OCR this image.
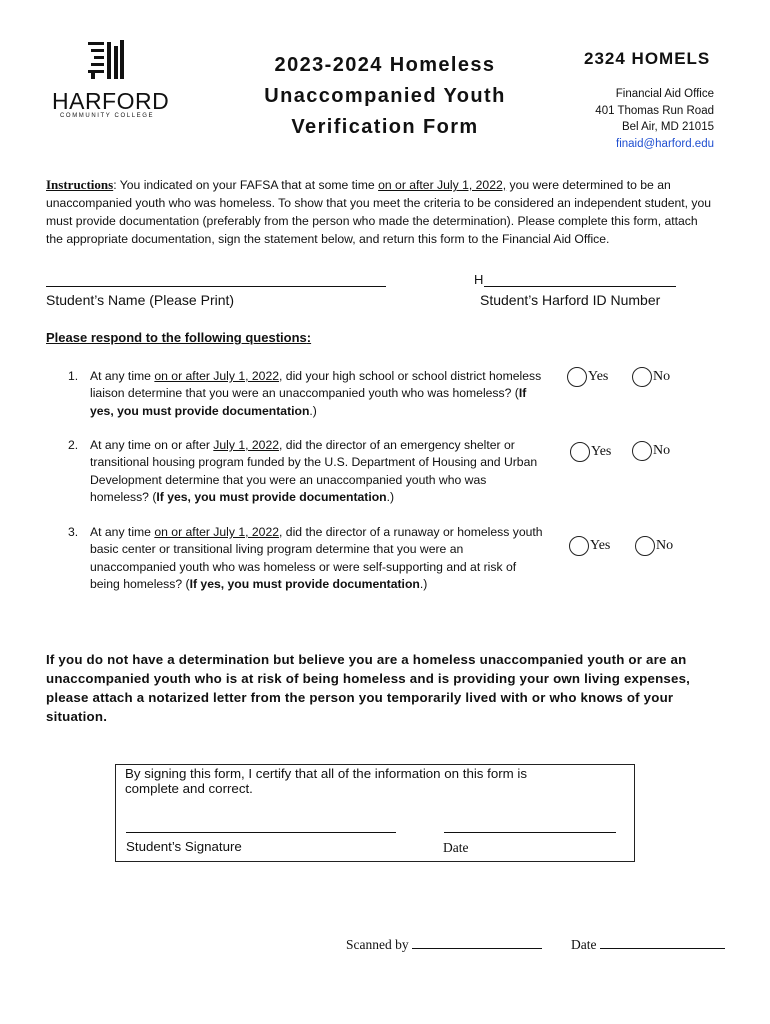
HARFORD
COMMUNITY COLLEGE
2023-2024 Homeless
Unaccompanied Youth
Verification Form
2324 HOMELS
Financial Aid Office
401 Thomas Run Road
Bel Air, MD 21015
finaid@harford.edu
Instructions: You indicated on your FAFSA that at some time on or after July 1, 2022, you were determined to be an unaccompanied youth who was homeless. To show that you meet the criteria to be considered an independent student, you must provide documentation (preferably from the person who made the determination). Please complete this form, attach the appropriate documentation, sign the statement below, and return this form to the Financial Aid Office.
Student’s Name (Please Print)
H
Student’s Harford ID Number
Please respond to the following questions:
1. At any time on or after July 1, 2022, did your high school or school district homeless liaison determine that you were an unaccompanied youth who was homeless? (If yes, you must provide documentation.)
Yes	No
2. At any time on or after July 1, 2022, did the director of an emergency shelter or transitional housing program funded by the U.S. Department of Housing and Urban Development determine that you were an unaccompanied youth who was homeless? (If yes, you must provide documentation.)
Yes	No
3. At any time on or after July 1, 2022, did the director of a runaway or homeless youth basic center or transitional living program determine that you were an unaccompanied youth who was homeless or were self-supporting and at risk of being homeless? (If yes, you must provide documentation.)
Yes	No
If you do not have a determination but believe you are a homeless unaccompanied youth or are an unaccompanied youth who is at risk of being homeless and is providing your own living expenses, please attach a notarized letter from the person you temporarily lived with or who knows of your situation.
By signing this form, I certify that all of the information on this form is complete and correct.
Student’s Signature	Date
Scanned by	Date
